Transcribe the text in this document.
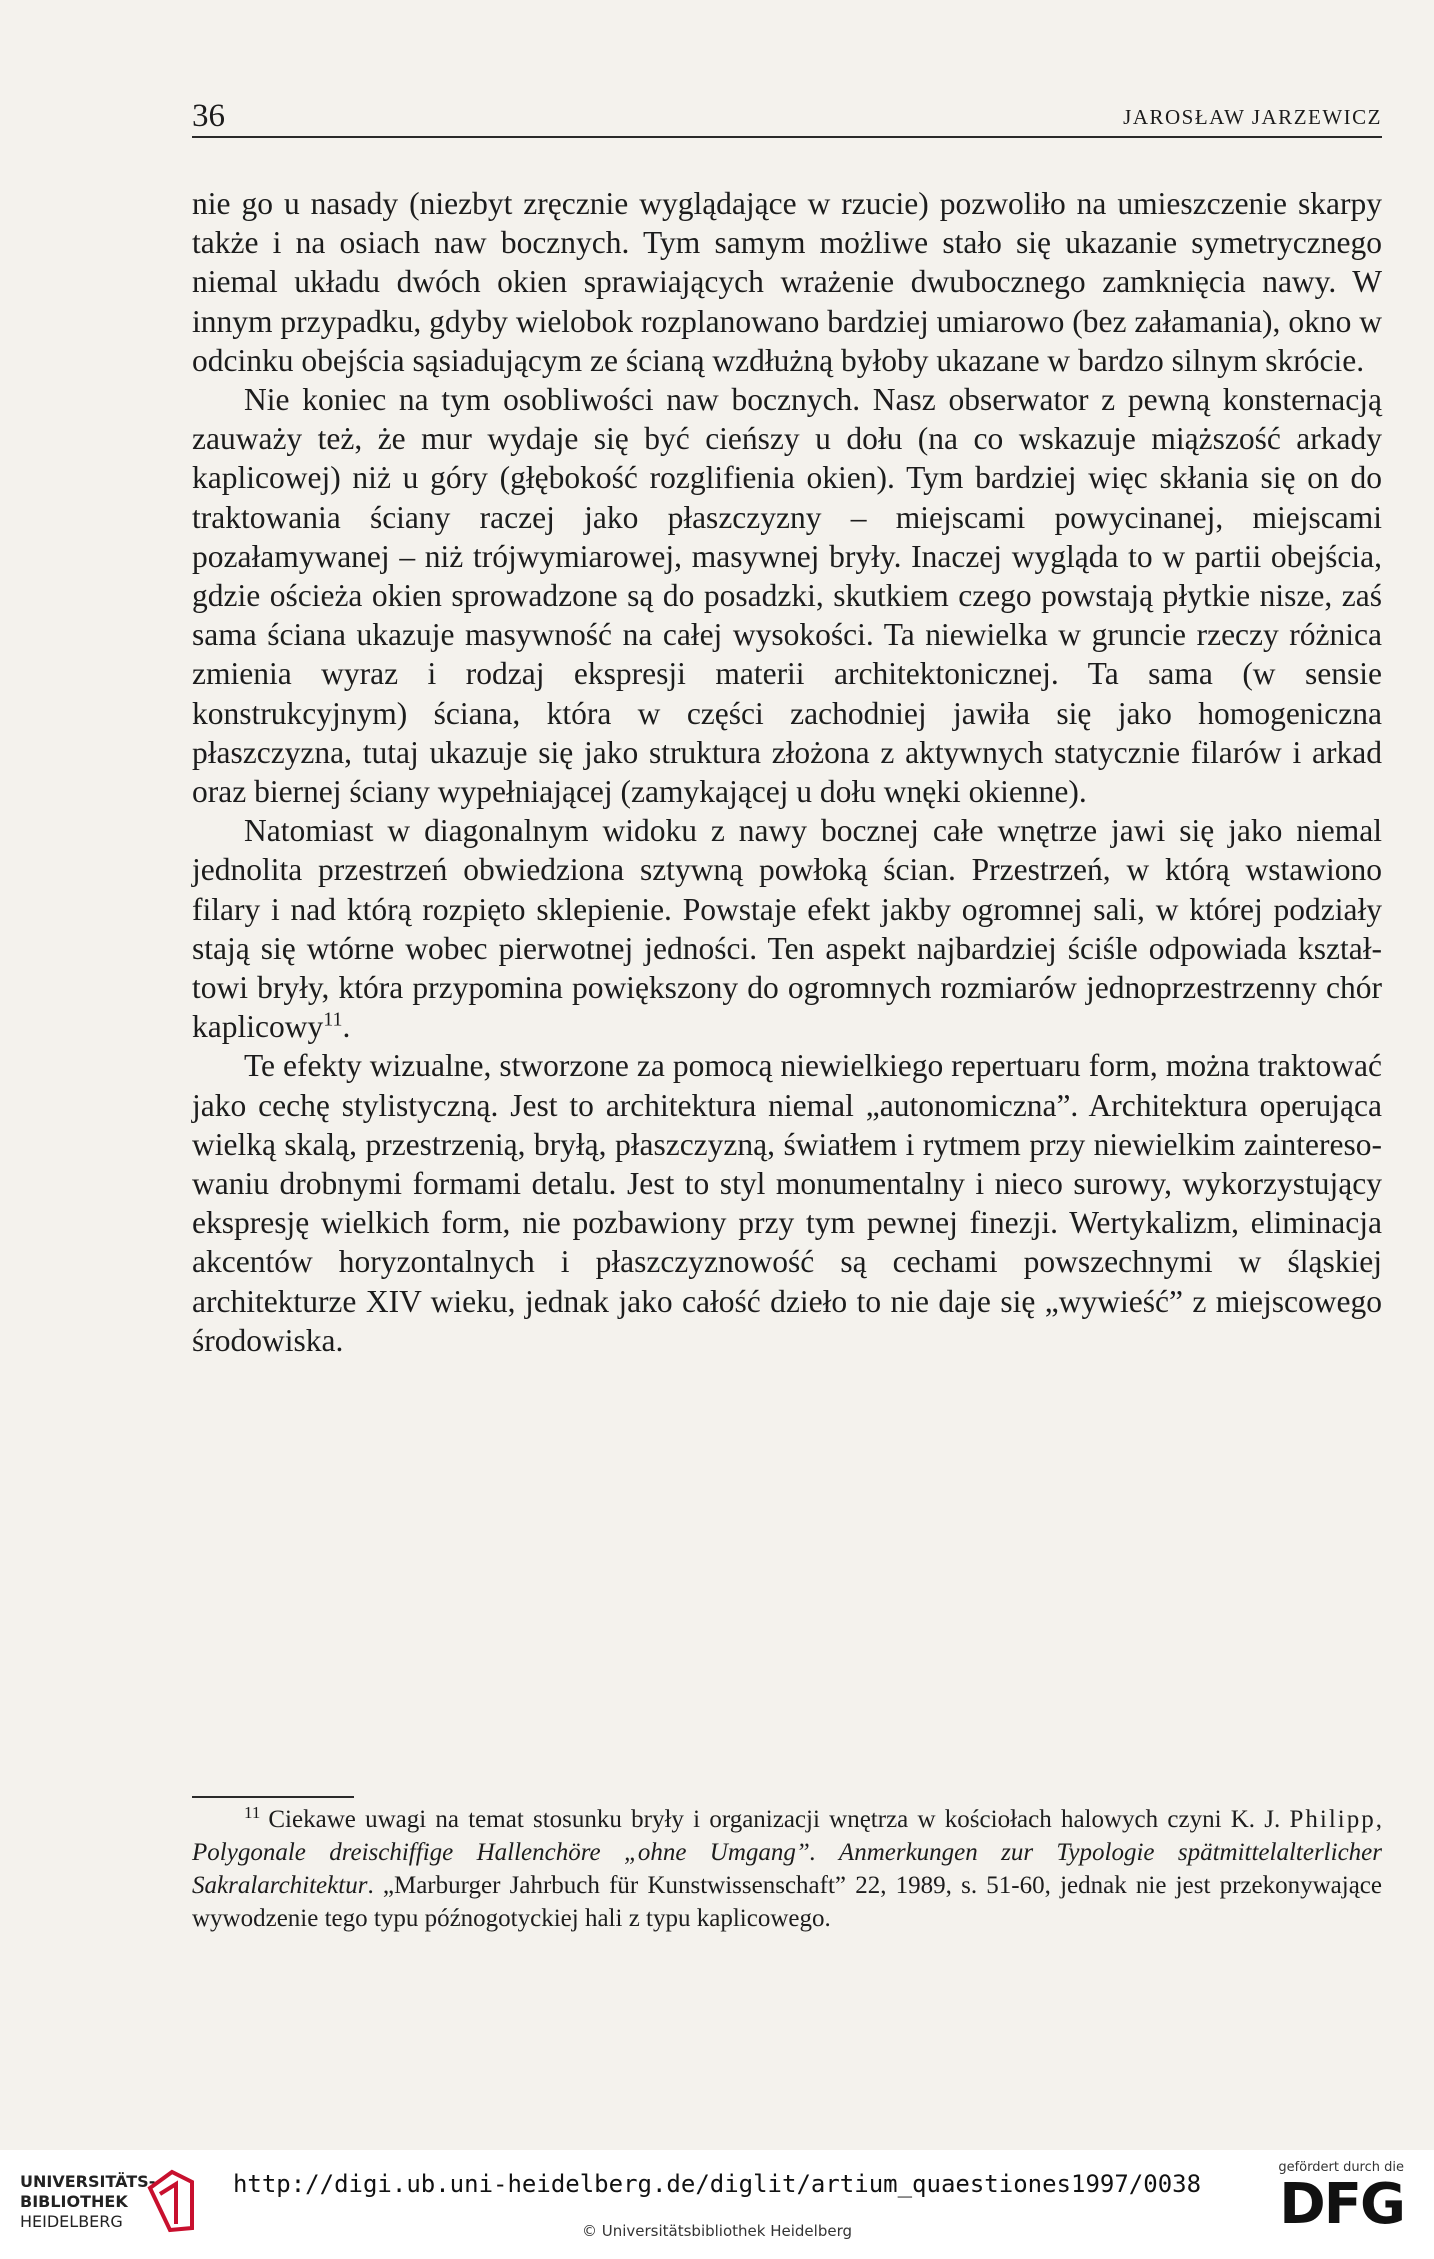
36	JAROSŁAW JARZEWICZ

nie go u nasady (niezbyt zręcznie wyglądające w rzucie) pozwoliło na umieszczenie skarpy także i na osiach naw bocznych. Tym samym możliwe stało się ukazanie symetrycznego niemal układu dwóch okien sprawiających wrażenie dwubocznego zamknięcia nawy. W innym przypadku, gdyby wielobok rozplanowano bardziej umiarowo (bez załamania), okno w odcinku obejścia sąsiadującym ze ścianą wzdłużną byłoby ukazane w bardzo silnym skrócie.

Nie koniec na tym osobliwości naw bocznych. Nasz obserwator z pewną konsternacją zauważy też, że mur wydaje się być cieńszy u dołu (na co wskazuje miąższość arkady kaplicowej) niż u góry (głębokość rozglifienia okien). Tym bardziej więc skłania się on do traktowania ściany raczej jako płaszczyzny – miejscami powycinanej, miejscami pozałamywanej – niż trójwymiarowej, masywnej bryły. Inaczej wygląda to w partii obejścia, gdzie ościeża okien sprowadzone są do posadzki, skutkiem czego powstają płytkie nisze, zaś sama ściana ukazuje masywność na całej wysokości. Ta niewielka w gruncie rzeczy różnica zmienia wyraz i rodzaj ekspresji materii architektonicznej. Ta sama (w sensie konstrukcyjnym) ściana, która w części zachodniej jawiła się jako homogeniczna płaszczyzna, tutaj ukazuje się jako struktura złożona z aktywnych statycznie filarów i arkad oraz biernej ściany wypełniającej (zamykającej u dołu wnęki okienne).

Natomiast w diagonalnym widoku z nawy bocznej całe wnętrze jawi się jako niemal jednolita przestrzeń obwiedziona sztywną powłoką ścian. Przestrzeń, w którą wstawiono filary i nad którą rozpięto sklepienie. Powstaje efekt jakby ogromnej sali, w której podziały stają się wtórne wobec pierwotnej jedności. Ten aspekt najbardziej ściśle odpowiada kształtowi bryły, która przypomina powiększony do ogromnych rozmiarów jednoprzestrzenny chór kaplicowy$^{11}$.

Te efekty wizualne, stworzone za pomocą niewielkiego repertuaru form, można traktować jako cechę stylistyczną. Jest to architektura niemal „autonomiczna”. Architektura operująca wielką skalą, przestrzenią, bryłą, płaszczyzną, światłem i rytmem przy niewielkim zainteresowaniu drobnymi formami detalu. Jest to styl monumentalny i nieco surowy, wykorzystujący ekspresję wielkich form, nie pozbawiony przy tym pewnej finezji. Wertykalizm, eliminacja akcentów horyzontalnych i płaszczyznowość są cechami powszechnymi w śląskiej architekturze XIV wieku, jednak jako całość dzieło to nie daje się „wywieść” z miejscowego środowiska.

$^{11}$ Ciekawe uwagi na temat stosunku bryły i organizacji wnętrza w kościołach halowych czyni K. J. Philipp, Polygonale dreischiffige Hallenchöre „ohne Umgang”. Anmerkungen zur Typologie spätmittelalterlicher Sakralarchitektur. „Marburger Jahrbuch für Kunstwissenschaft” 22, 1989, s. 51-60, jednak nie jest przekonywające wywodzenie tego typu późnogotyckiej hali z typu kaplicowego.
UNIVERSITÄTS-
BIBLIOTHEK
HEIDELBERG
http://digi.ub.uni-heidelberg.de/diglit/artium_quaestiones1997/0038
© Universitätsbibliothek Heidelberg
gefördert durch die
DFG
